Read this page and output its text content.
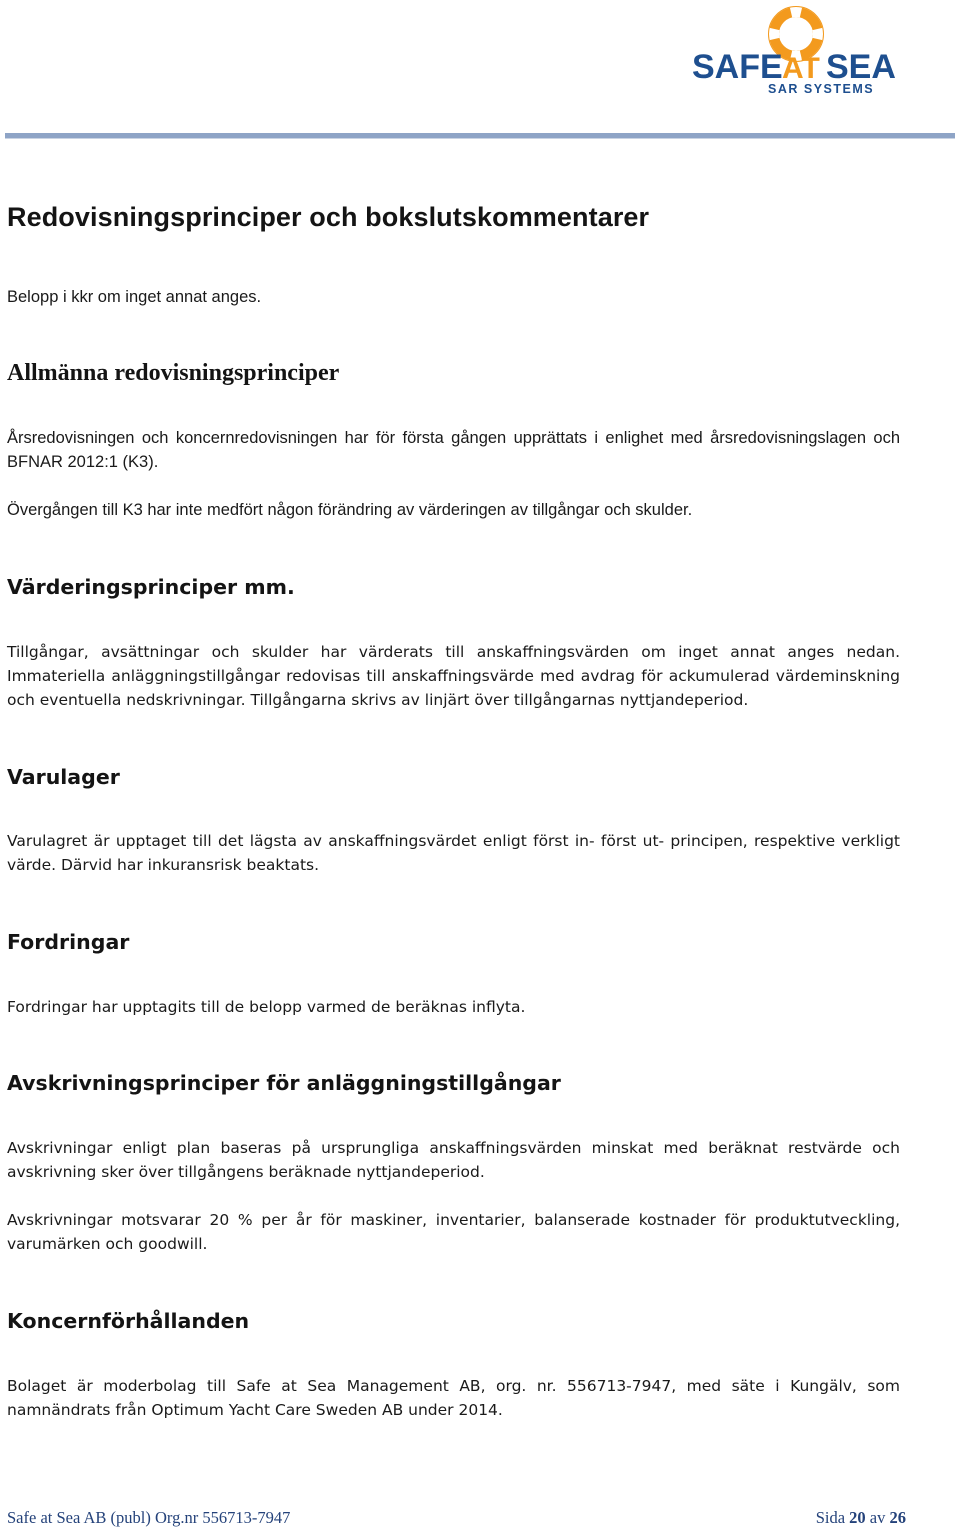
SAFE AT SEA
SAR SYSTEMS
Redovisningsprinciper och bokslutskommentarer

Belopp i kkr om inget annat anges.

Allmänna redovisningsprinciper

Årsredovisningen och koncernredovisningen har för första gången upprättats i enlighet med årsredovisningslagen och BFNAR 2012:1 (K3).

Övergången till K3 har inte medfört någon förändring av värderingen av tillgångar och skulder.

Värderingsprinciper mm.

Tillgångar, avsättningar och skulder har värderats till anskaffningsvärden om inget annat anges nedan. Immateriella anläggningstillgångar redovisas till anskaffningsvärde med avdrag för ackumulerad värdeminskning och eventuella nedskrivningar. Tillgångarna skrivs av linjärt över tillgångarnas nyttjandeperiod.

Varulager

Varulagret är upptaget till det lägsta av anskaffningsvärdet enligt först in- först ut- principen, respektive verkligt värde. Därvid har inkuransrisk beaktats.

Fordringar

Fordringar har upptagits till de belopp varmed de beräknas inflyta.

Avskrivningsprinciper för anläggningstillgångar

Avskrivningar enligt plan baseras på ursprungliga anskaffningsvärden minskat med beräknat restvärde och avskrivning sker över tillgångens beräknade nyttjandeperiod.

Avskrivningar motsvarar 20 % per år för maskiner, inventarier, balanserade kostnader för produktutveckling, varumärken och goodwill.

Koncernförhållanden

Bolaget är moderbolag till Safe at Sea Management AB, org. nr. 556713-7947, med säte i Kungälv, som namnändrats från Optimum Yacht Care Sweden AB under 2014.

Safe at Sea AB (publ) Org.nr 556713-7947	Sida 20 av 26
